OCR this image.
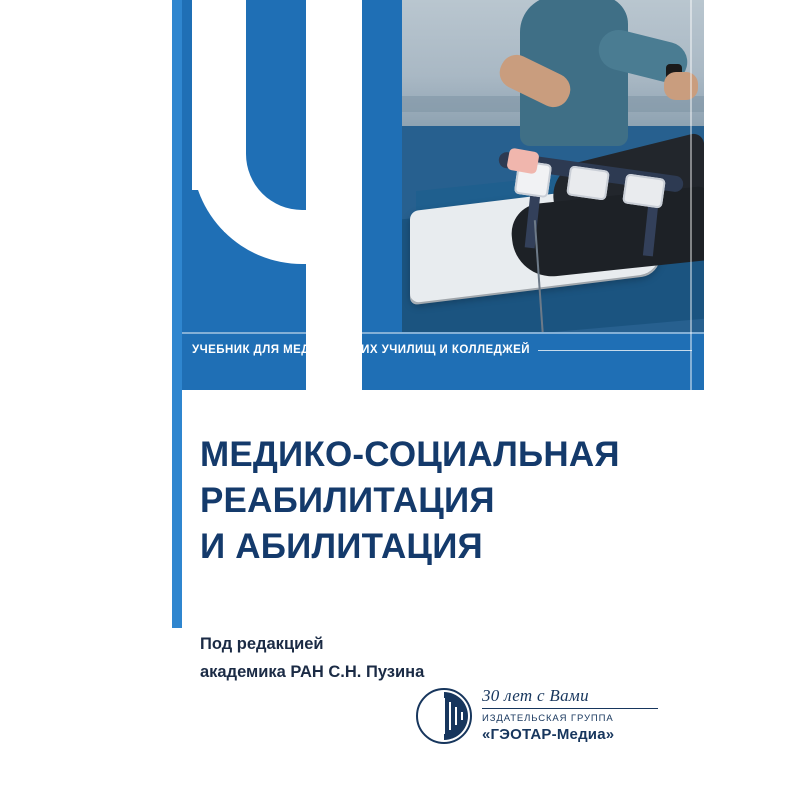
УЧЕБНИК ДЛЯ МЕДИЦИНСКИХ УЧИЛИЩ И КОЛЛЕДЖЕЙ
МЕДИКО-СОЦИАЛЬНАЯ
РЕАБИЛИТАЦИЯ
И АБИЛИТАЦИЯ
Под редакцией
академика РАН С.Н. Пузина
30 лет с Вами
ИЗДАТЕЛЬСКАЯ ГРУППА
«ГЭОТАР-Медиа»
